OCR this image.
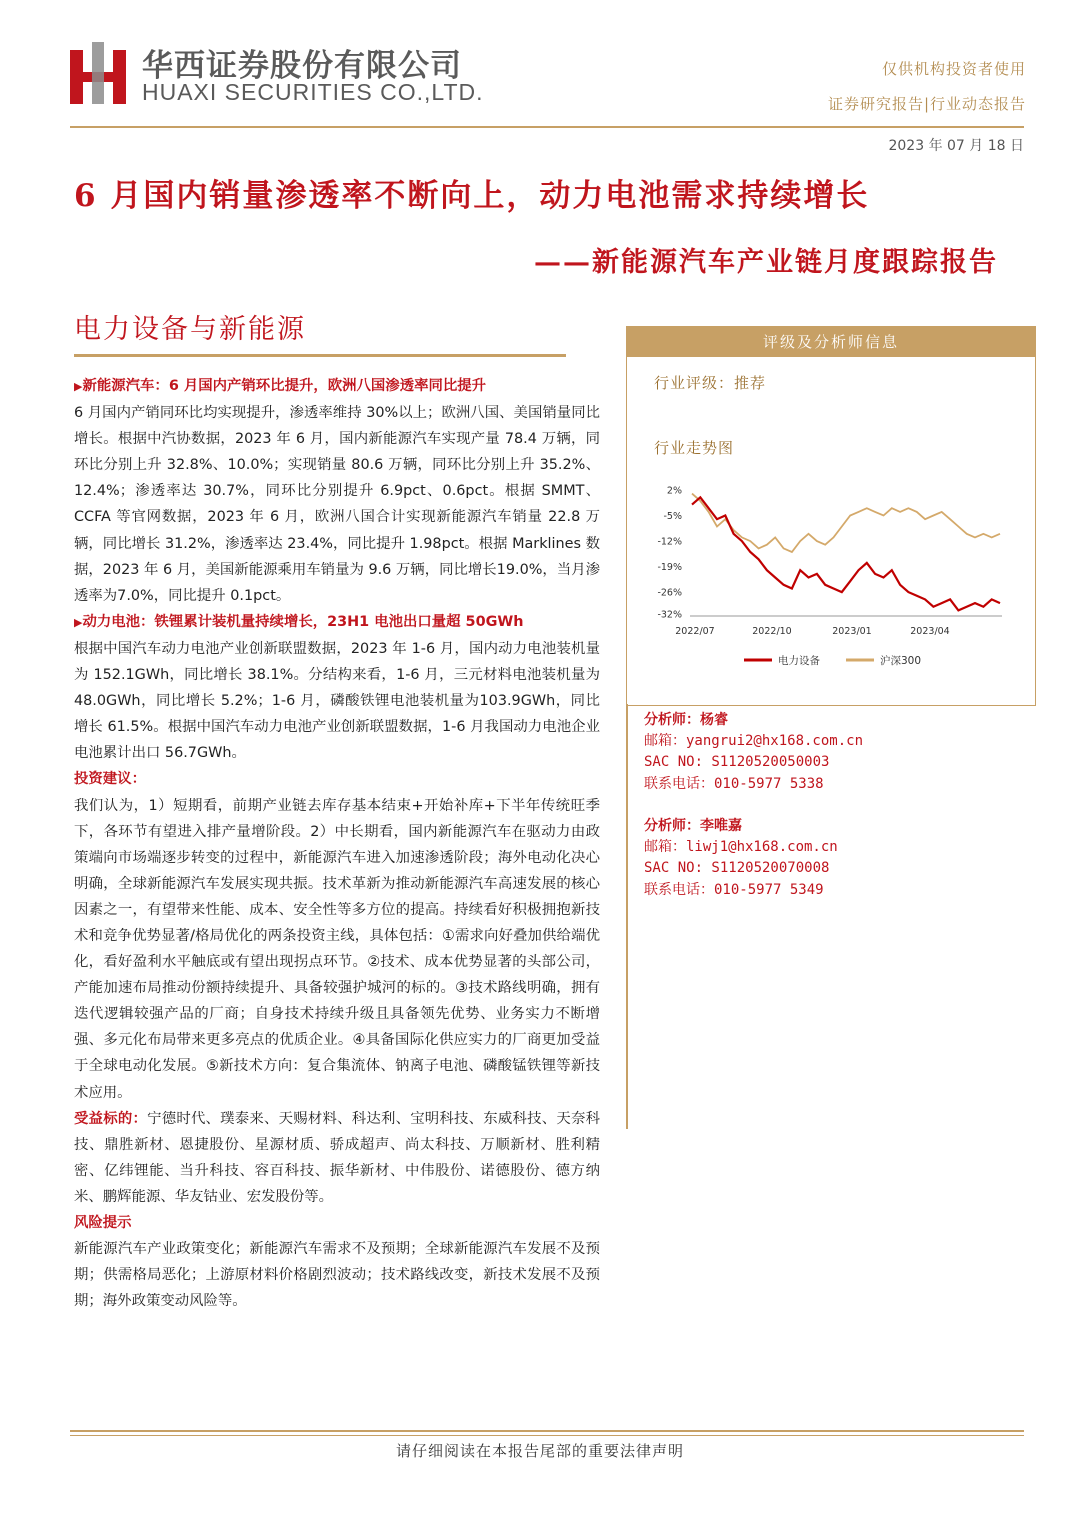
华西证券股份有限公司
HUAXI SECURITIES CO.,LTD.
仅供机构投资者使用
证券研究报告|行业动态报告
2023 年 07 月 18 日
6 月国内销量渗透率不断向上，动力电池需求持续增长
——新能源汽车产业链月度跟踪报告
电力设备与新能源
▶新能源汽车：6 月国内产销环比提升，欧洲八国渗透率同比提升

6 月国内产销同环比均实现提升，渗透率维持 30%以上；欧洲八国、美国销量同比增长。根据中汽协数据，2023 年 6 月，国内新能源汽车实现产量 78.4 万辆，同环比分别上升 32.8%、10.0%；实现销量 80.6 万辆，同环比分别上升 35.2%、12.4%；渗透率达 30.7%，同环比分别提升 6.9pct、0.6pct。根据 SMMT、CCFA 等官网数据，2023 年 6 月，欧洲八国合计实现新能源汽车销量 22.8 万辆，同比增长 31.2%，渗透率达 23.4%，同比提升 1.98pct。根据 Marklines 数据，2023 年 6 月，美国新能源乘用车销量为 9.6 万辆，同比增长19.0%，当月渗透率为7.0%，同比提升 0.1pct。

▶动力电池：铁锂累计装机量持续增长，23H1 电池出口量超 50GWh

根据中国汽车动力电池产业创新联盟数据，2023 年 1-6 月，国内动力电池装机量为 152.1GWh，同比增长 38.1%。分结构来看，1-6 月，三元材料电池装机量为 48.0GWh，同比增长 5.2%；1-6 月，磷酸铁锂电池装机量为103.9GWh，同比增长 61.5%。根据中国汽车动力电池产业创新联盟数据，1-6 月我国动力电池企业电池累计出口 56.7GWh。

投资建议：

我们认为，1）短期看，前期产业链去库存基本结束+开始补库+下半年传统旺季下，各环节有望进入排产量增阶段。2）中长期看，国内新能源汽车在驱动力由政策端向市场端逐步转变的过程中，新能源汽车进入加速渗透阶段；海外电动化决心明确，全球新能源汽车发展实现共振。技术革新为推动新能源汽车高速发展的核心因素之一，有望带来性能、成本、安全性等多方位的提高。持续看好积极拥抱新技术和竞争优势显著/格局优化的两条投资主线，具体包括：①需求向好叠加供给端优化，看好盈利水平触底或有望出现拐点环节。②技术、成本优势显著的头部公司，产能加速布局推动份额持续提升、具备较强护城河的标的。③技术路线明确，拥有迭代逻辑较强产品的厂商；自身技术持续升级且具备领先优势、业务实力不断增强、多元化布局带来更多亮点的优质企业。④具备国际化供应实力的厂商更加受益于全球电动化发展。⑤新技术方向：复合集流体、钠离子电池、磷酸锰铁锂等新技术应用。

受益标的：宁德时代、璞泰来、天赐材料、科达利、宝明科技、东威科技、天奈科技、鼎胜新材、恩捷股份、星源材质、骄成超声、尚太科技、万顺新材、胜利精密、亿纬锂能、当升科技、容百科技、振华新材、中伟股份、诺德股份、德方纳米、鹏辉能源、华友钴业、宏发股份等。

风险提示

新能源汽车产业政策变化；新能源汽车需求不及预期；全球新能源汽车发展不及预期；供需格局恶化；上游原材料价格剧烈波动；技术路线改变，新技术发展不及预期；海外政策变动风险等。

评级及分析师信息
行业评级：推荐
行业走势图
2%
-5%
-12%
-19%
-26%
-32%
2022/07	2022/10	2023/01	2023/04
电力设备	沪深300
分析师：杨睿
邮箱：yangrui2@hx168.com.cn
SAC NO: S1120520050003
联系电话：010-5977 5338
分析师：李唯嘉
邮箱：liwj1@hx168.com.cn
SAC NO: S1120520070008
联系电话：010-5977 5349
请仔细阅读在本报告尾部的重要法律声明
